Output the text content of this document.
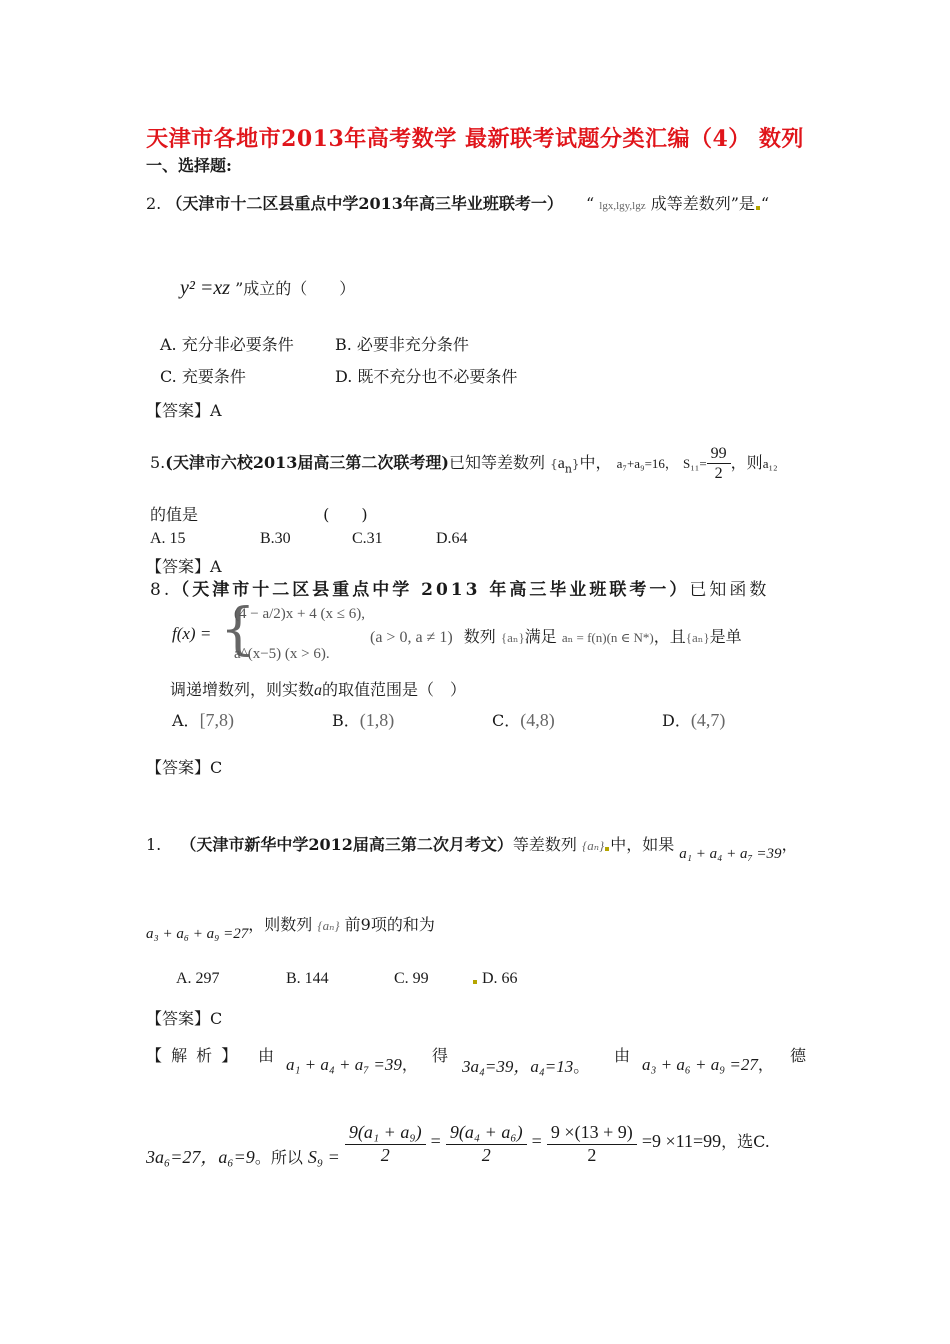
天津市各地市2013年高考数学 最新联考试题分类汇编（4） 数列
一、选择题:
2. （天津市十二区县重点中学2013年高三毕业班联考一） “ lgx,lgy,lgz 成等差数列”是 “
y² =xz ”成立的（　　）
A. 充分非必要条件	B. 必要非充分条件
C. 充要条件	D. 既不充分也不必要条件
【答案】A
5.(天津市六校2013届高三第二次联考理)已知等差数列 $\{a_n\}$中， a₇+a₉=16， $S_{11}= \frac{99}{2}$ ，则a₁₂
的值是	(　　)
A. 15	B.30	C.31	D.64
【答案】A
8.（天津市十二区县重点中学 2013 年高三毕业班联考一）已知函数
f(x) = {
(4 − a/2)x + 4 (x ≤ 6),
a^(x−5) (x > 6).
(a > 0, a ≠ 1) 数列 {aₙ}满足 aₙ = f(n)(n ∈ N*)，且{aₙ}是单
调递增数列，则实数a的取值范围是（　）
A．[7,8)	B．(1,8)	C．(4,8)	D．(4,7)
【答案】C
1. （天津市新华中学2012届高三第二次月考文）等差数列 {aₙ} 中，如果 a₁ + a₄ + a₇ =39，
a₃ + a₆ + a₉ =27，则数列 {aₙ} 前9项的和为
A. 297	B. 144	C. 99	D. 66
【答案】C
【 解 析 】 由 a₁ + a₄ + a₇ =39，
得
3a₄=39，a₄=13。
由 a₃ + a₆ + a₉ =27，
德
3a₆=27，a₆=9。所以 $S_9 = \frac{\text{9(a₁ + a₉)}}{2} = \frac{\text{9(a₄ + a₆)}}{2} = \frac{9 \times(13 + 9)}{2} =9 \times 11=99$，选C.
